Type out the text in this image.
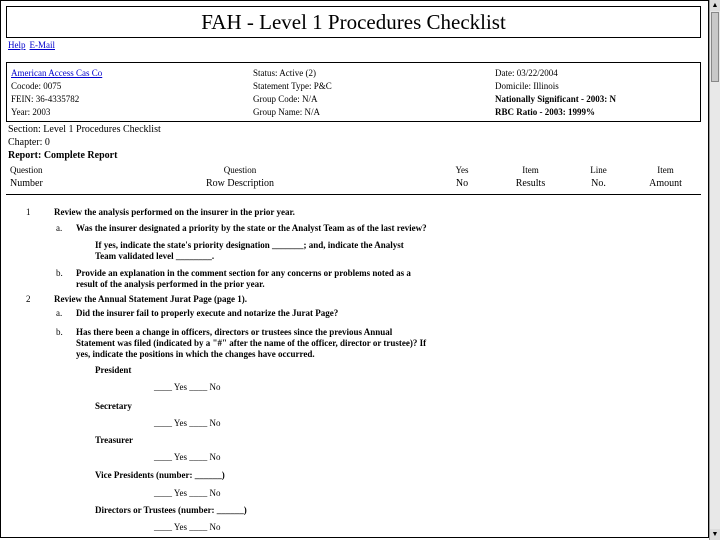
FAH - Level 1 Procedures Checklist
Help E-Mail
American Access Cas Co
Cocode: 0075
FEIN: 36-4335782
Year: 2003
Status: Active (2)
Statement Type: P&C
Group Code: N/A
Group Name: N/A
Date: 03/22/2004
Domicile: Illinois
Nationally Significant - 2003: N
RBC Ratio - 2003: 1999%
Section: Level 1 Procedures Checklist
Chapter: 0
Report: Complete Report
Question
Number
Question
Row Description
Yes
No
Item
Results
Line
No.
Item
Amount
1	Review the analysis performed on the insurer in the prior year.
a. Was the insurer designated a priority by the state or the Analyst Team as of the last review?
If yes, indicate the state's priority designation _______; and, indicate the Analyst
Team validated level ________.
b. Provide an explanation in the comment section for any concerns or problems noted as a
result of the analysis performed in the prior year.
2	Review the Annual Statement Jurat Page (page 1).
a. Did the insurer fail to properly execute and notarize the Jurat Page?
b. Has there been a change in officers, directors or trustees since the previous Annual
Statement was filed (indicated by a "#" after the name of the officer, director or trustee)? If
yes, indicate the positions in which the changes have occurred.
President
____ Yes ____ No
Secretary
____ Yes ____ No
Treasurer
____ Yes ____ No
Vice Presidents (number: ______)
____ Yes ____ No
Directors or Trustees (number: ______)
____ Yes ____ No
▲
▼
